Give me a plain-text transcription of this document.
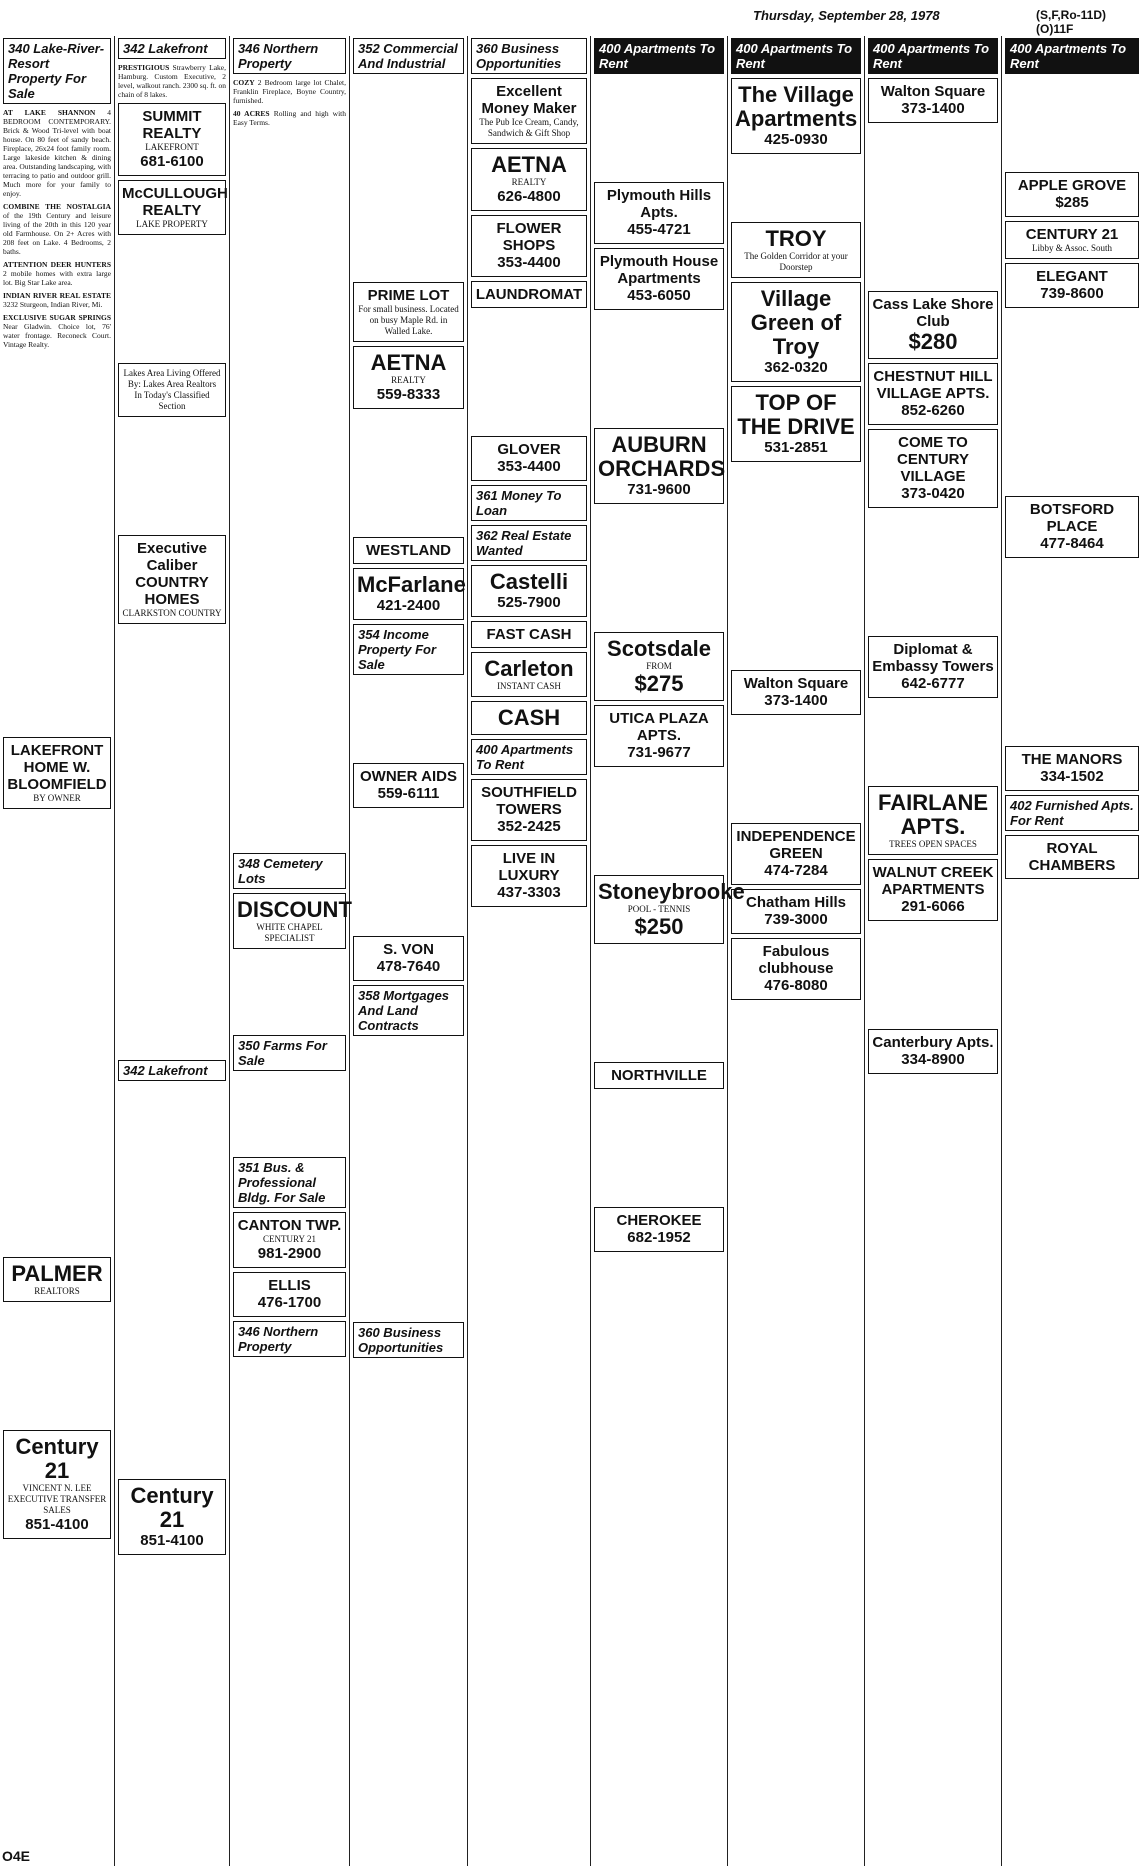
Thursday, September 28, 1978	(S,F,Ro-11D) (O)11F
340 Lake-River-Resort Property For Sale
AT LAKE SHANNON 4 BEDROOM CONTEMPORARY. Brick & Wood Tri-level with boat house. On 80 feet of sandy beach. Fireplace, 26x24 foot family room. Large lakeside kitchen & dining area. Outstanding landscaping, with terracing to patio and outdoor grill. Much more for your family to enjoy.
COMBINE THE NOSTALGIA of the 19th Century and leisure living of the 20th in this 120 year old Farmhouse. On 2+ Acres with 208 feet on Lake. 4 Bedrooms, 2 baths.
ATTENTION DEER HUNTERS 2 mobile homes with extra large lot. Big Star Lake area.
INDIAN RIVER REAL ESTATE 3232 Sturgeon, Indian River, Mi.
EXCLUSIVE SUGAR SPRINGS Near Gladwin. Choice lot, 76' water frontage. Reconeck Court. Vintage Realty.
LAKEFRONT HOME W. BLOOMFIELD
BY OWNER
PALMER
REALTORS
Century 21
VINCENT N. LEE EXECUTIVE TRANSFER SALES
851-4100
342 Lakefront
PRESTIGIOUS Strawberry Lake, Hamburg. Custom Executive, 2 level, walkout ranch. 2300 sq. ft. on chain of 8 lakes.
SUMMIT REALTY
LAKEFRONT
681-6100
McCULLOUGH REALTY
LAKE PROPERTY
Lakes Area Living Offered By: Lakes Area Realtors
In Today's Classified Section
Executive Caliber COUNTRY HOMES
CLARKSTON COUNTRY
342 Lakefront
Century 21
851-4100
346 Northern Property
COZY 2 Bedroom large lot Chalet, Franklin Fireplace, Boyne Country, furnished.
40 ACRES Rolling and high with Easy Terms.
348 Cemetery Lots
DISCOUNT
WHITE CHAPEL SPECIALIST
350 Farms For Sale
351 Bus. & Professional Bldg. For Sale
CANTON TWP.
CENTURY 21
981-2900
ELLIS
476-1700
346 Northern Property
352 Commercial And Industrial
PRIME LOT
For small business. Located on busy Maple Rd. in Walled Lake.
AETNA
REALTY
559-8333
WESTLAND
McFarlane
421-2400
354 Income Property For Sale
OWNER AIDS
559-6111
S. VON
478-7640
358 Mortgages And Land Contracts
360 Business Opportunities
360 Business Opportunities
Excellent Money Maker
The Pub Ice Cream, Candy, Sandwich & Gift Shop
AETNA
REALTY
626-4800
FLOWER SHOPS
353-4400
LAUNDROMAT
GLOVER
353-4400
361 Money To Loan
362 Real Estate Wanted
Castelli
525-7900
FAST CASH
Carleton
INSTANT CASH
CASH
400 Apartments To Rent
SOUTHFIELD TOWERS
352-2425
LIVE IN LUXURY
437-3303
400 Apartments To Rent
Plymouth Hills Apts.
455-4721
Plymouth House Apartments
453-6050
AUBURN ORCHARDS
731-9600
Scotsdale
FROM
$275
UTICA PLAZA APTS.
731-9677
Stoneybrooke
POOL - TENNIS
$250
NORTHVILLE
CHEROKEE
682-1952
400 Apartments To Rent
The Village Apartments
425-0930
TROY
The Golden Corridor at your Doorstep
Village Green of Troy
362-0320
TOP OF THE DRIVE
531-2851
Walton Square
373-1400
INDEPENDENCE GREEN
474-7284
Chatham Hills
739-3000
Fabulous clubhouse
476-8080
400 Apartments To Rent
Walton Square
373-1400
Cass Lake Shore Club
$280
CHESTNUT HILL VILLAGE APTS.
852-6260
COME TO CENTURY VILLAGE
373-0420
Diplomat & Embassy Towers
642-6777
FAIRLANE APTS.
TREES OPEN SPACES
WALNUT CREEK APARTMENTS
291-6066
Canterbury Apts.
334-8900
400 Apartments To Rent
APPLE GROVE
$285
CENTURY 21
Libby & Assoc. South
ELEGANT
739-8600
BOTSFORD PLACE
477-8464
THE MANORS
334-1502
402 Furnished Apts. For Rent
ROYAL CHAMBERS
O4E
